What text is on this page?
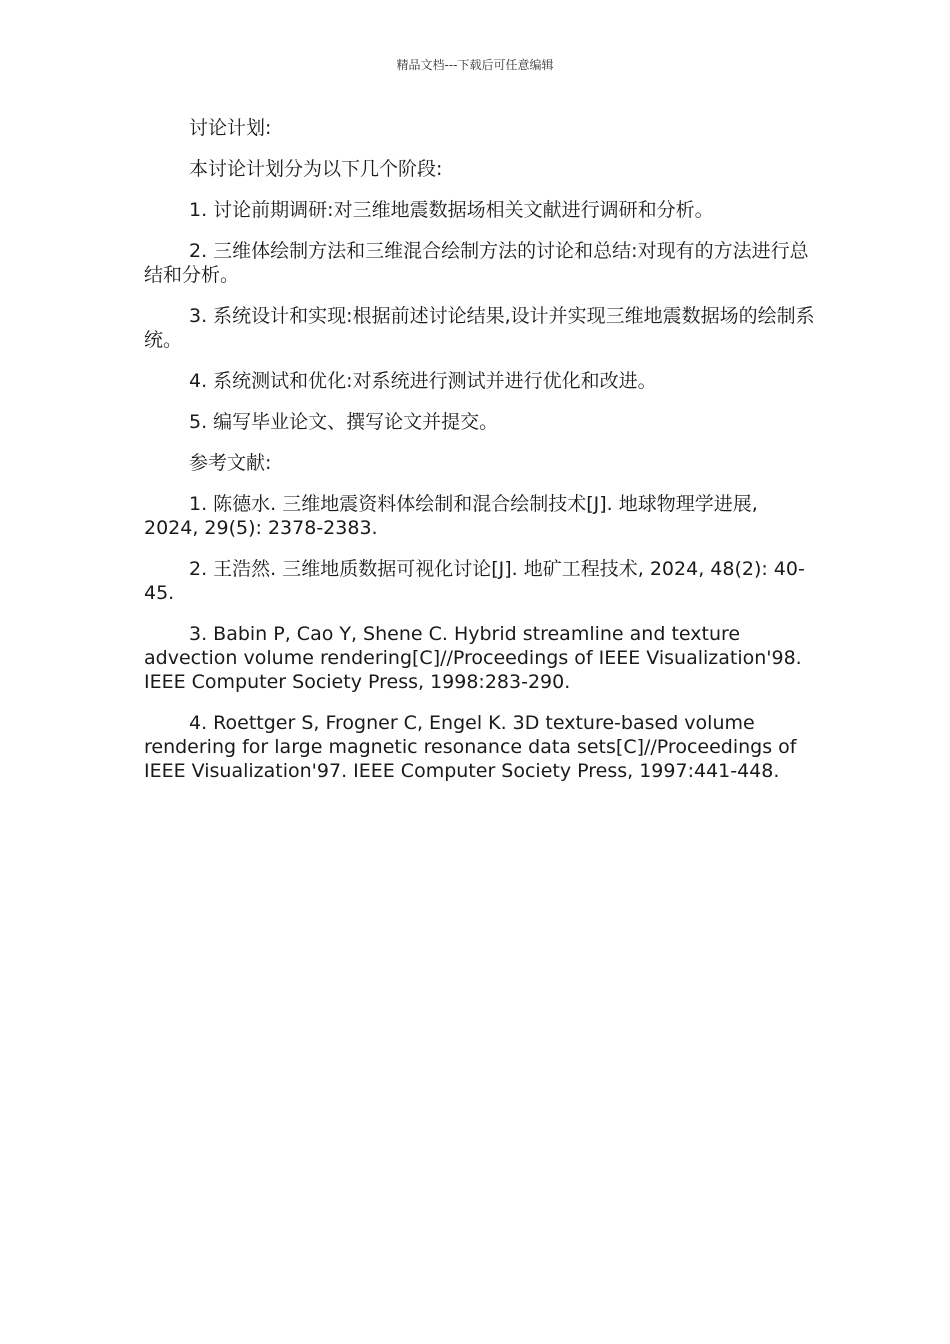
精品文档---下载后可任意编辑

讨论计划:

本讨论计划分为以下几个阶段:

1. 讨论前期调研:对三维地震数据场相关文献进行调研和分析。

2. 三维体绘制方法和三维混合绘制方法的讨论和总结:对现有的方法进行总结和分析。

3. 系统设计和实现:根据前述讨论结果,设计并实现三维地震数据场的绘制系统。

4. 系统测试和优化:对系统进行测试并进行优化和改进。

5. 编写毕业论文、撰写论文并提交。

参考文献:

1. 陈德水. 三维地震资料体绘制和混合绘制技术[J]. 地球物理学进展, 2024, 29(5): 2378-2383.

2. 王浩然. 三维地质数据可视化讨论[J]. 地矿工程技术, 2024, 48(2): 40-45.

3. Babin P, Cao Y, Shene C. Hybrid streamline and texture advection volume rendering[C]//Proceedings of IEEE Visualization'98. IEEE Computer Society Press, 1998:283-290.

4. Roettger S, Frogner C, Engel K. 3D texture-based volume rendering for large magnetic resonance data sets[C]//Proceedings of IEEE Visualization'97. IEEE Computer Society Press, 1997:441-448.
